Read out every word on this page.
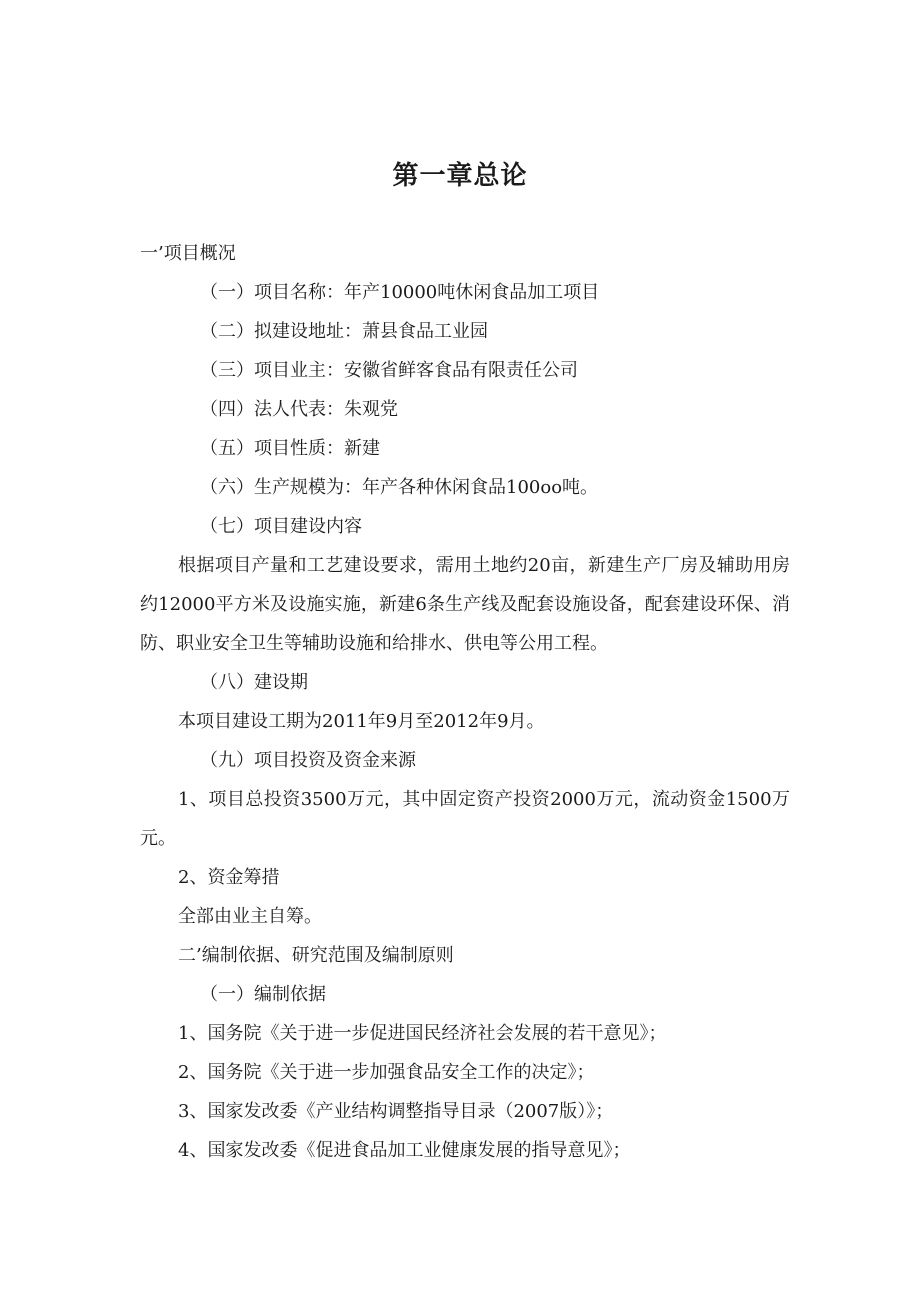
第一章总论

一’项目概况

（一）项目名称：年产10000吨休闲食品加工项目

（二）拟建设地址：萧县食品工业园

（三）项目业主：安徽省鲜客食品有限责任公司

（四）法人代表：朱观党

（五）项目性质：新建

（六）生产规模为：年产各种休闲食品100oo吨。

（七）项目建设内容

根据项目产量和工艺建设要求，需用土地约20亩，新建生产厂房及辅助用房约12000平方米及设施实施，新建6条生产线及配套设施设备，配套建设环保、消防、职业安全卫生等辅助设施和给排水、供电等公用工程。

（八）建设期

本项目建设工期为2011年9月至2012年9月。

（九）项目投资及资金来源

1、项目总投资3500万元，其中固定资产投资2000万元，流动资金1500万元。

2、资金筹措

全部由业主自筹。

二’编制依据、研究范围及编制原则

（一）编制依据

1、国务院《关于进一步促进国民经济社会发展的若干意见》；

2、国务院《关于进一步加强食品安全工作的决定》；

3、国家发改委《产业结构调整指导目录（2007版）》；

4、国家发改委《促进食品加工业健康发展的指导意见》；
